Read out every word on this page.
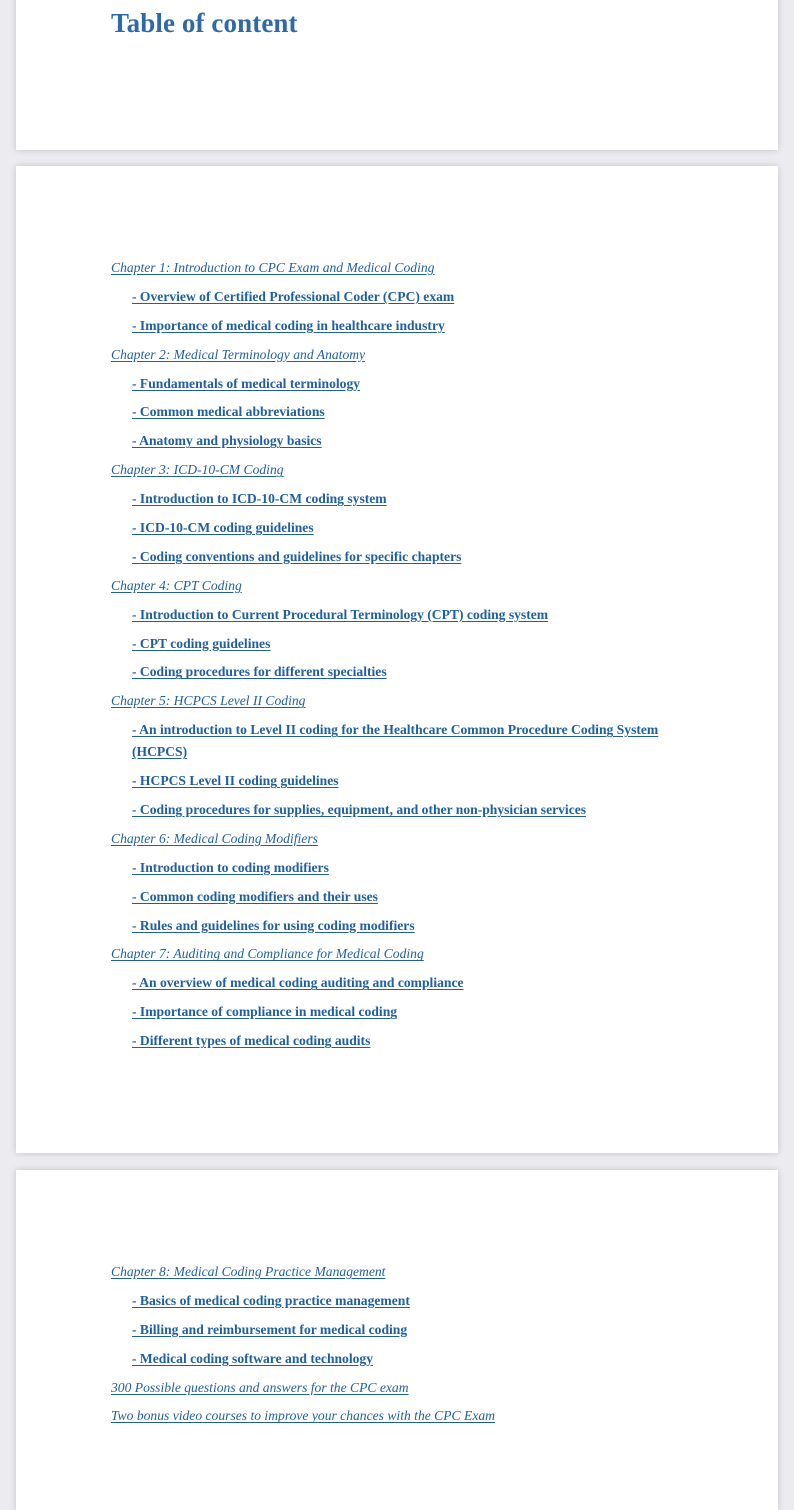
Table of content
Chapter 1: Introduction to CPC Exam and Medical Coding
- Overview of Certified Professional Coder (CPC) exam
- Importance of medical coding in healthcare industry
Chapter 2: Medical Terminology and Anatomy
- Fundamentals of medical terminology
- Common medical abbreviations
- Anatomy and physiology basics
Chapter 3: ICD-10-CM Coding
- Introduction to ICD-10-CM coding system
- ICD-10-CM coding guidelines
- Coding conventions and guidelines for specific chapters
Chapter 4: CPT Coding
- Introduction to Current Procedural Terminology (CPT) coding system
- CPT coding guidelines
- Coding procedures for different specialties
Chapter 5: HCPCS Level II Coding
- An introduction to Level II coding for the Healthcare Common Procedure Coding System (HCPCS)
- HCPCS Level II coding guidelines
- Coding procedures for supplies, equipment, and other non-physician services
Chapter 6: Medical Coding Modifiers
- Introduction to coding modifiers
- Common coding modifiers and their uses
- Rules and guidelines for using coding modifiers
Chapter 7: Auditing and Compliance for Medical Coding
- An overview of medical coding auditing and compliance
- Importance of compliance in medical coding
- Different types of medical coding audits
Chapter 8: Medical Coding Practice Management
- Basics of medical coding practice management
- Billing and reimbursement for medical coding
- Medical coding software and technology
300 Possible questions and answers for the CPC exam
Two bonus video courses to improve your chances with the CPC Exam
